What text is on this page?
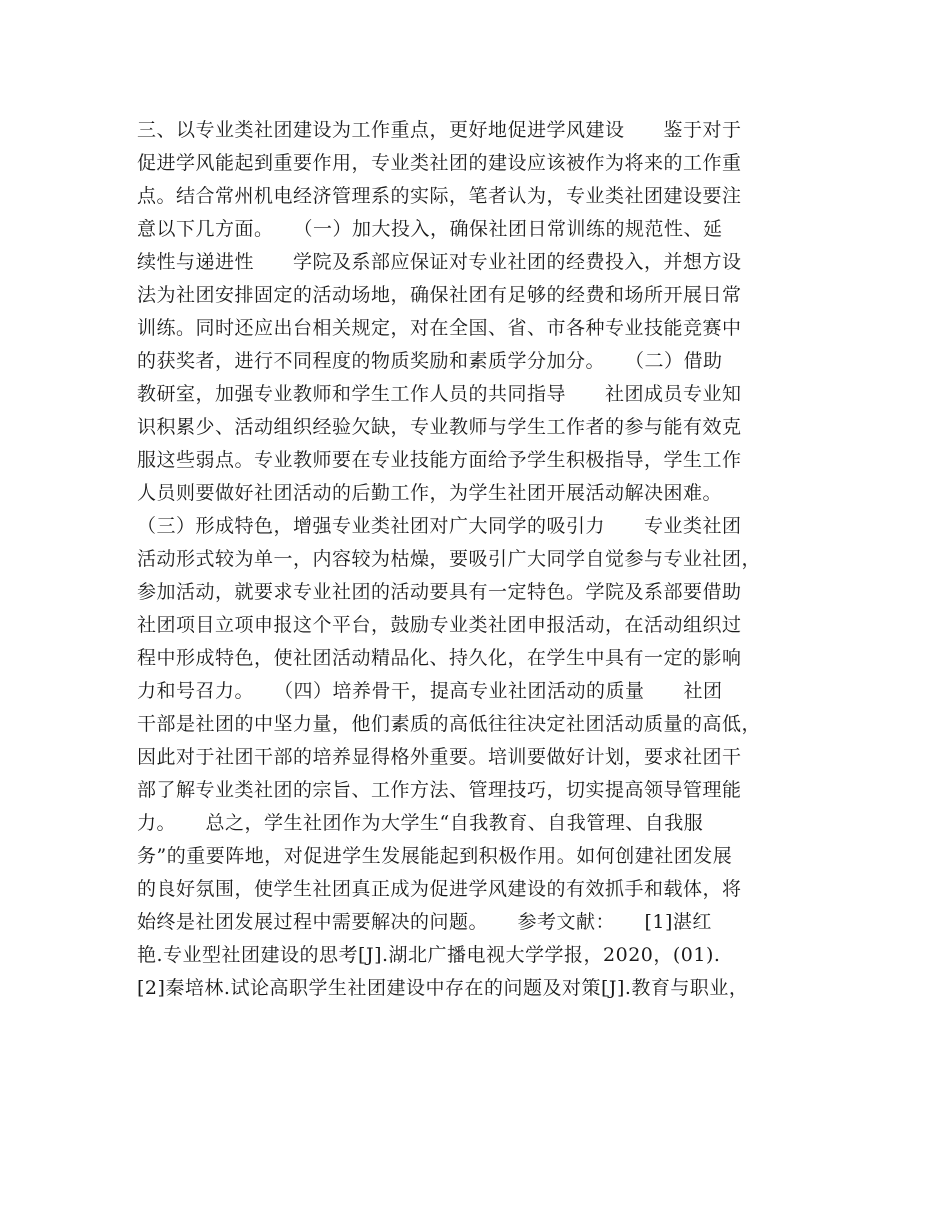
三、以专业类社团建设为工作重点，更好地促进学风建设　　鉴于对于
促进学风能起到重要作用，专业类社团的建设应该被作为将来的工作重
点。结合常州机电经济管理系的实际，笔者认为，专业类社团建设要注
意以下几方面。　　（一）加大投入，确保社团日常训练的规范性、延
续性与递进性　　学院及系部应保证对专业社团的经费投入，并想方设
法为社团安排固定的活动场地，确保社团有足够的经费和场所开展日常
训练。同时还应出台相关规定，对在全国、省、市各种专业技能竞赛中
的获奖者，进行不同程度的物质奖励和素质学分加分。　　（二）借助
教研室，加强专业教师和学生工作人员的共同指导　　社团成员专业知
识积累少、活动组织经验欠缺，专业教师与学生工作者的参与能有效克
服这些弱点。专业教师要在专业技能方面给予学生积极指导，学生工作
人员则要做好社团活动的后勤工作，为学生社团开展活动解决困难。
（三）形成特色，增强专业类社团对广大同学的吸引力　　专业类社团
活动形式较为单一，内容较为枯燥，要吸引广大同学自觉参与专业社团，
参加活动，就要求专业社团的活动要具有一定特色。学院及系部要借助
社团项目立项申报这个平台，鼓励专业类社团申报活动，在活动组织过
程中形成特色，使社团活动精品化、持久化，在学生中具有一定的影响
力和号召力。　　（四）培养骨干，提高专业社团活动的质量　　社团
干部是社团的中坚力量，他们素质的高低往往决定社团活动质量的高低，
因此对于社团干部的培养显得格外重要。培训要做好计划，要求社团干
部了解专业类社团的宗旨、工作方法、管理技巧，切实提高领导管理能
力。　　总之，学生社团作为大学生“自我教育、自我管理、自我服
务”的重要阵地，对促进学生发展能起到积极作用。如何创建社团发展
的良好氛围，使学生社团真正成为促进学风建设的有效抓手和载体，将
始终是社团发展过程中需要解决的问题。　　参考文献：　　[1]湛红
艳.专业型社团建设的思考[J].湖北广播电视大学学报，2020，(01).
[2]秦培林.试论高职学生社团建设中存在的问题及对策[J].教育与职业，
